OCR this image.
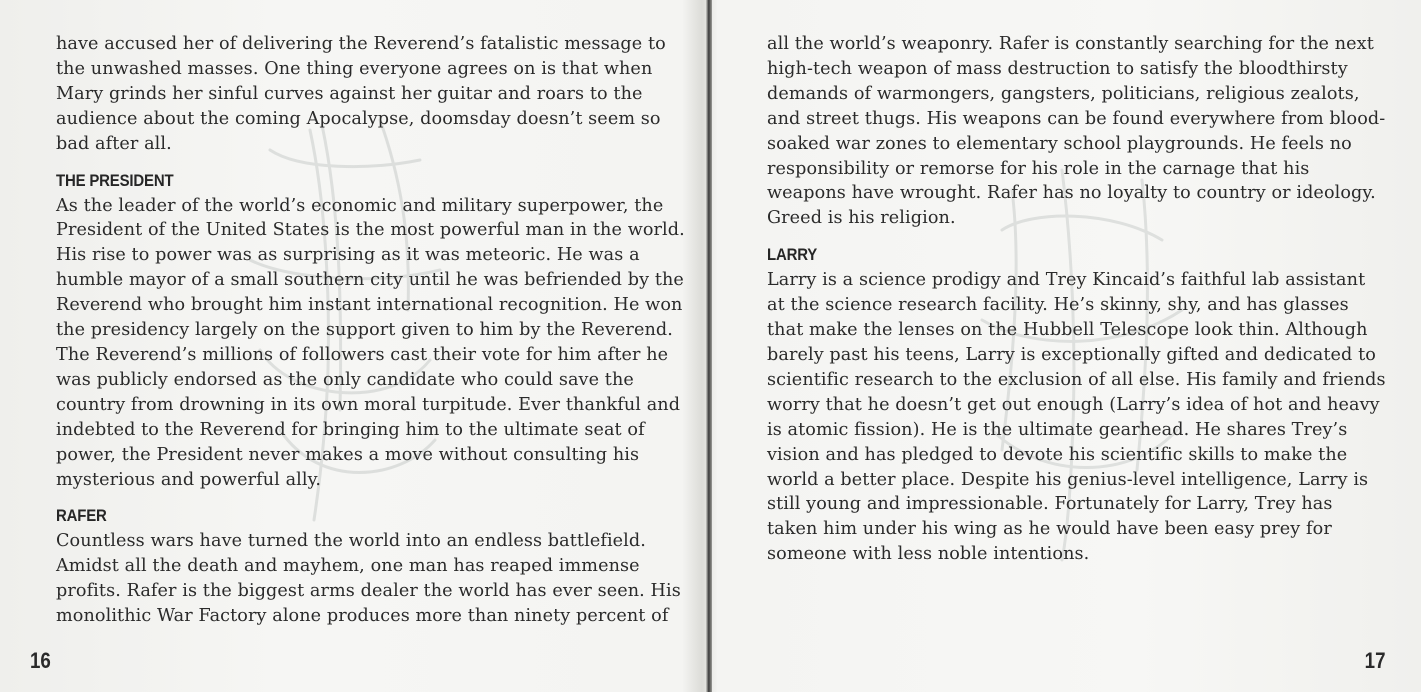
have accused her of delivering the Reverend’s fatalistic message to the unwashed masses. One thing everyone agrees on is that when Mary grinds her sinful curves against her guitar and roars to the audience about the coming Apocalypse, doomsday doesn’t seem so bad after all.

THE PRESIDENT

As the leader of the world’s economic and military superpower, the President of the United States is the most powerful man in the world. His rise to power was as surprising as it was meteoric. He was a humble mayor of a small southern city until he was befriended by the Reverend who brought him instant international recognition. He won the presidency largely on the support given to him by the Reverend. The Reverend’s millions of followers cast their vote for him after he was publicly endorsed as the only candidate who could save the country from drowning in its own moral turpitude. Ever thankful and indebted to the Reverend for bringing him to the ultimate seat of power, the President never makes a move without consulting his mysterious and powerful ally.

RAFER

Countless wars have turned the world into an endless battlefield. Amidst all the death and mayhem, one man has reaped immense profits. Rafer is the biggest arms dealer the world has ever seen. His monolithic War Factory alone produces more than ninety percent of

16

all the world’s weaponry. Rafer is constantly searching for the next high-tech weapon of mass destruction to satisfy the bloodthirsty demands of warmongers, gangsters, politicians, religious zealots, and street thugs. His weapons can be found everywhere from blood-soaked war zones to elementary school playgrounds. He feels no responsibility or remorse for his role in the carnage that his weapons have wrought. Rafer has no loyalty to country or ideology. Greed is his religion.

LARRY

Larry is a science prodigy and Trey Kincaid’s faithful lab assistant at the science research facility. He’s skinny, shy, and has glasses that make the lenses on the Hubbell Telescope look thin. Although barely past his teens, Larry is exceptionally gifted and dedicated to scientific research to the exclusion of all else. His family and friends worry that he doesn’t get out enough (Larry’s idea of hot and heavy is atomic fission). He is the ultimate gearhead. He shares Trey’s vision and has pledged to devote his scientific skills to make the world a better place. Despite his genius-level intelligence, Larry is still young and impressionable. Fortunately for Larry, Trey has taken him under his wing as he would have been easy prey for someone with less noble intentions.

17
